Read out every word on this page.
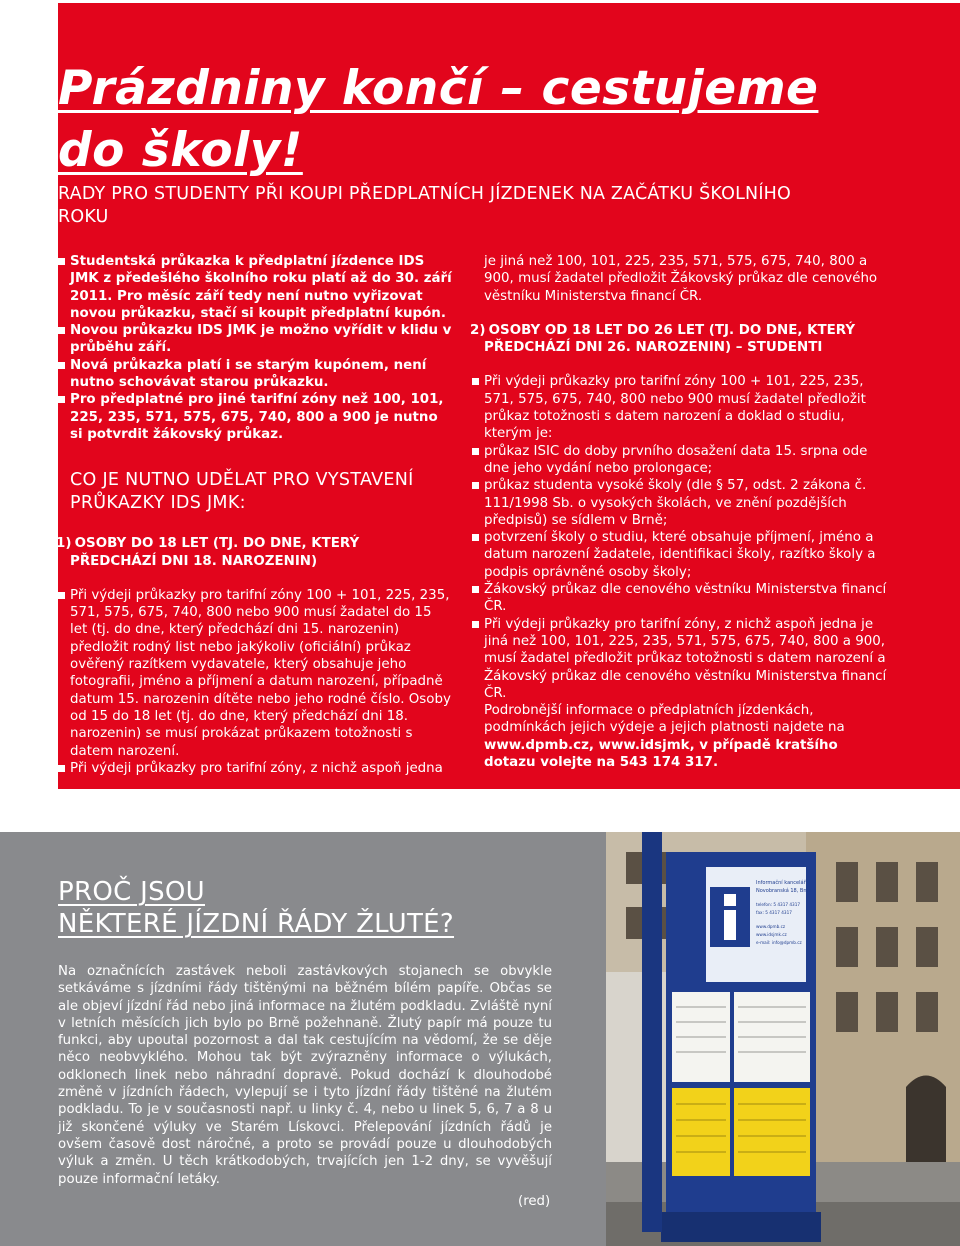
Prázdniny končí – cestujeme
do školy!
RADY PRO STUDENTY PŘI KOUPI PŘEDPLATNÍCH JÍZDENEK NA ZAČÁTKU ŠKOLNÍHO ROKU
Studentská průkazka k předplatní jízdence IDS JMK z předešlého školního roku platí až do 30. září 2011. Pro měsíc září tedy není nutno vyřizovat novou průkazku, stačí si koupit předplatní kupón.
Novou průkazku IDS JMK je možno vyřídit v klidu v průběhu září.
Nová průkazka platí i se starým kupónem, není nutno schovávat starou průkazku.
Pro předplatné pro jiné tarifní zóny než 100, 101, 225, 235, 571, 575, 675, 740, 800 a 900 je nutno si potvrdit žákovský průkaz.
CO JE NUTNO UDĚLAT PRO VYSTAVENÍ PRŮKAZKY IDS JMK:
1) OSOBY DO 18 LET (TJ. DO DNE, KTERÝ
PŘEDCHÁZÍ DNI 18. NAROZENIN)
Při výdeji průkazky pro tarifní zóny 100 + 101, 225, 235, 571, 575, 675, 740, 800 nebo 900 musí žadatel do 15 let (tj. do dne, který předchází dni 15. narozenin) předložit rodný list nebo jakýkoliv (oficiální) průkaz ověřený razítkem vydavatele, který obsahuje jeho fotografii, jméno a příjmení a datum narození, případně datum 15. narozenin dítěte nebo jeho rodné číslo. Osoby od 15 do 18 let (tj. do dne, který předchází dni 18. narozenin) se musí prokázat průkazem totožnosti s datem narození.
Při výdeji průkazky pro tarifní zóny, z nichž aspoň jedna
je jiná než 100, 101, 225, 235, 571, 575, 675, 740, 800 a 900, musí žadatel předložit Žákovský průkaz dle cenového věstníku Ministerstva financí ČR.
2) OSOBY OD 18 LET DO 26 LET (TJ. DO DNE, KTERÝ
PŘEDCHÁZÍ DNI 26. NAROZENIN) – STUDENTI
Při výdeji průkazky pro tarifní zóny 100 + 101, 225, 235, 571, 575, 675, 740, 800 nebo 900 musí žadatel předložit průkaz totožnosti s datem narození a doklad o studiu, kterým je:
průkaz ISIC do doby prvního dosažení data 15. srpna ode dne jeho vydání nebo prolongace;
průkaz studenta vysoké školy (dle § 57, odst. 2 zákona č. 111/1998 Sb. o vysokých školách, ve znění pozdějších předpisů) se sídlem v Brně;
potvrzení školy o studiu, které obsahuje příjmení, jméno a datum narození žadatele, identifikaci školy, razítko školy a podpis oprávněné osoby školy;
Žákovský průkaz dle cenového věstníku Ministerstva financí ČR.
Při výdeji průkazky pro tarifní zóny, z nichž aspoň jedna je jiná než 100, 101, 225, 235, 571, 575, 675, 740, 800 a 900, musí žadatel předložit průkaz totožnosti s datem narození a Žákovský průkaz dle cenového věstníku Ministerstva financí ČR.
Podrobnější informace o předplatních jízdenkách, podmínkách jejich výdeje a jejich platnosti najdete na www.dpmb.cz, www.idsjmk, v případě kratšího dotazu volejte na 543 174 317.
PROČ JSOU
NĚKTERÉ JÍZDNÍ ŘÁDY ŽLUTÉ?

Na označnících zastávek neboli zastávkových stojanech se obvykle setkáváme s jízdními řády tištěnými na běžném bílém papíře. Občas se ale objeví jízdní řád nebo jiná informace na žlutém podkladu. Zvláště nyní v letních měsících jich bylo po Brně požehnaně. Žlutý papír má pouze tu funkci, aby upoutal pozornost a dal tak cestujícím na vědomí, že se děje něco neobvyklého. Mohou tak být zvýrazněny informace o výlukách, odklonech linek nebo náhradní dopravě. Pokud dochází k dlouhodobé změně v jízdních řádech, vylepují se i tyto jízdní řády tištěné na žlutém podkladu. To je v současnosti např. u linky č. 4, nebo u linek 5, 6, 7 a 8 u již skončené výluky ve Starém Lískovci. Přelepování jízdních řádů je ovšem časově dost náročné, a proto se provádí pouze u dlouhodobých výluk a změn. U těch krátkodobých, trvajících jen 1-2 dny, se vyvěšují pouze informační letáky.

(red)
Informační kancelář
Novobranská 18, Brno
telefon: 5 4317 4317
fax: 5 4317 4317
www.dpmb.cz
www.idsjmk.cz
e-mail: info@dpmb.cz
